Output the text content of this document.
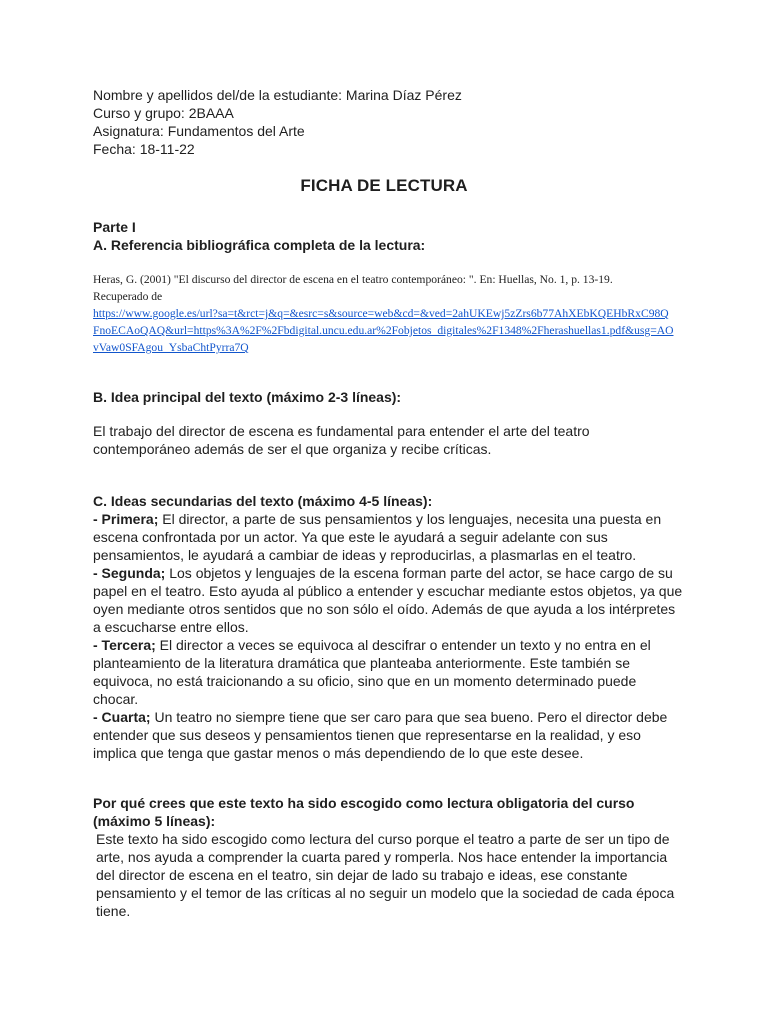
Nombre y apellidos del/de la estudiante: Marina Díaz Pérez
Curso y grupo: 2BAAA
Asignatura: Fundamentos del Arte
Fecha: 18-11-22
FICHA DE LECTURA
Parte I
A. Referencia bibliográfica completa de la lectura:
Heras, G. (2001) "El discurso del director de escena en el teatro contemporáneo: ". En: Huellas, No. 1, p. 13-19.
Recuperado de
https://www.google.es/url?sa=t&rct=j&q=&esrc=s&source=web&cd=&ved=2ahUKEwj5zZrs6b77AhXEbKQEHbRxC98QFnoECAoQAQ&url=https%3A%2F%2Fbdigital.uncu.edu.ar%2Fobjetos_digitales%2F1348%2Fherashuellas1.pdf&usg=AOvVaw0SFAgou_YsbaChtPyrra7Q
B. Idea principal del texto (máximo 2-3 líneas):
El trabajo del director de escena es fundamental para entender el arte del teatro contemporáneo además de ser el que organiza y recibe críticas.
C. Ideas secundarias del texto (máximo 4-5 líneas):
- Primera; El director, a parte de sus pensamientos y los lenguajes, necesita una puesta en escena confrontada por un actor. Ya que este le ayudará a seguir adelante con sus pensamientos, le ayudará a cambiar de ideas y reproducirlas, a plasmarlas en el teatro.
- Segunda; Los objetos y lenguajes de la escena forman parte del actor, se hace cargo de su papel en el teatro. Esto ayuda al público a entender y escuchar mediante estos objetos, ya que oyen mediante otros sentidos que no son sólo el oído. Además de que ayuda a los intérpretes a escucharse entre ellos.
- Tercera; El director a veces se equivoca al descifrar o entender un texto y no entra en el planteamiento de la literatura dramática que planteaba anteriormente. Este también se equivoca, no está traicionando a su oficio, sino que en un momento determinado puede chocar.
- Cuarta; Un teatro no siempre tiene que ser caro para que sea bueno. Pero el director debe entender que sus deseos y pensamientos tienen que representarse en la realidad, y eso implica que tenga que gastar menos o más dependiendo de lo que este desee.
Por qué crees que este texto ha sido escogido como lectura obligatoria del curso (máximo 5 líneas):
Este texto ha sido escogido como lectura del curso porque el teatro a parte de ser un tipo de arte, nos ayuda a comprender la cuarta pared y romperla. Nos hace entender la importancia del director de escena en el teatro, sin dejar de lado su trabajo e ideas, ese constante pensamiento y el temor de las críticas al no seguir un modelo que la sociedad de cada época tiene.
